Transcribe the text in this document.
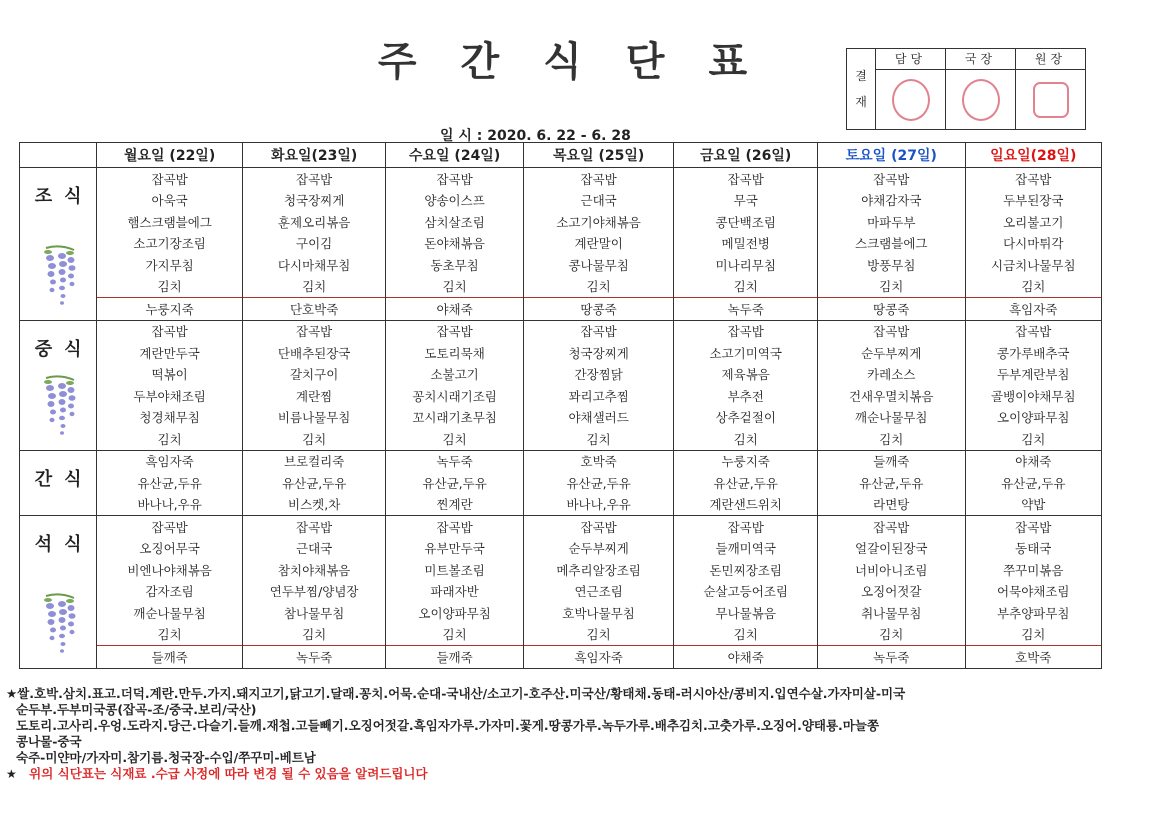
주간식단표	결
재
담당	국장	원장
일 시 : 2020. 6. 22 - 6. 28
	월요일 (22일)	화요일(23일)	수요일 (24일)	목요일 (25일)	금요일 (26일)	토요일 (27일)	일요일(28일)

조식	잡곡밥	잡곡밥	잡곡밥	잡곡밥	잡곡밥	잡곡밥	잡곡밥
	아욱국	청국장찌게	양송이스프	근대국	무국	야채감자국	두부된장국
	햄스크램블에그	훈제오리볶음	삼치살조림	소고기야채볶음	콩단백조림	마파두부	오리불고기
	소고기장조림	구이김	돈야채볶음	계란말이	메밀전병	스크램블에그	다시마튀각
	가지무침	다시마채무침	동초무침	콩나물무침	미나리무침	방풍무침	시금치나물무침
	김치	김치	김치	김치	김치	김치	김치
	누룽지죽	단호박죽	야채죽	땅콩죽	녹두죽	땅콩죽	흑임자죽

중식	잡곡밥	잡곡밥	잡곡밥	잡곡밥	잡곡밥	잡곡밥	잡곡밥
	계란만두국	단배추된장국	도토리묵채	청국장찌게	소고기미역국	순두부찌게	콩가루배추국
	떡볶이	갈치구이	소불고기	간장찜닭	제육볶음	카레소스	두부계란부침
	두부야채조림	계란찜	꽁치시래기조림	꽈리고추찜	부추전	건새우멸치볶음	골뱅이야채무침
	청경채무침	비름나물무침	꼬시래기초무침	야채샐러드	상추겉절이	깨순나물무침	오이양파무침
	김치	김치	김치	김치	김치	김치	김치

간식	흑임자죽	브로컬리죽	녹두죽	호박죽	누룽지죽	들깨죽	야채죽
	유산균,두유	유산균,두유	유산균,두유	유산균,두유	유산균,두유	유산균,두유	유산균,두유
	바나나,우유	비스켓,차	찐계란	바나나,우유	계란샌드위치	라면탕	약밥

석식	잡곡밥	잡곡밥	잡곡밥	잡곡밥	잡곡밥	잡곡밥	잡곡밥
	오징어무국	근대국	유부만두국	순두부찌게	들깨미역국	얼갈이된장국	동태국
	비엔나야채볶음	참치야채볶음	미트볼조림	메추리알장조림	돈민찌장조림	너비아니조림	쭈꾸미볶음
	감자조림	연두부찜/양념장	파래자반	연근조림	순살고등어조림	오징어젓갈	어묵야채조림
	깨순나물무침	참나물무침	오이양파무침	호박나물무침	무나물볶음	취나물무침	부추양파무침
	김치	김치	김치	김치	김치	김치	김치
	들깨죽	녹두죽	들깨죽	흑임자죽	야채죽	녹두죽	호박죽
★쌀.호박.삼치.표고.더덕.계란.만두.가지.돼지고기,닭고기.달래.꽁치.어묵.순대-국내산/소고기-호주산.미국산/황태채.동태-러시아산/콩비지.입연수살.가자미살-미국
순두부.두부미국콩(잡곡-조/중국.보리/국산)
도토리.고사리.우엉.도라지.당근.다슬기.들깨.재첩.고들빼기.오징어젓갈.흑임자가루.가자미.꽃게.땅콩가루.녹두가루.배추김치.고춧가루.오징어.양태룡.마늘쫑
콩나물-중국
숙주-미얀마/가자미.참기름.청국장-수입/쭈꾸미-베트남
★ 위의 식단표는 식재료 .수급 사정에 따라 변경 될 수 있음을 알려드립니다
